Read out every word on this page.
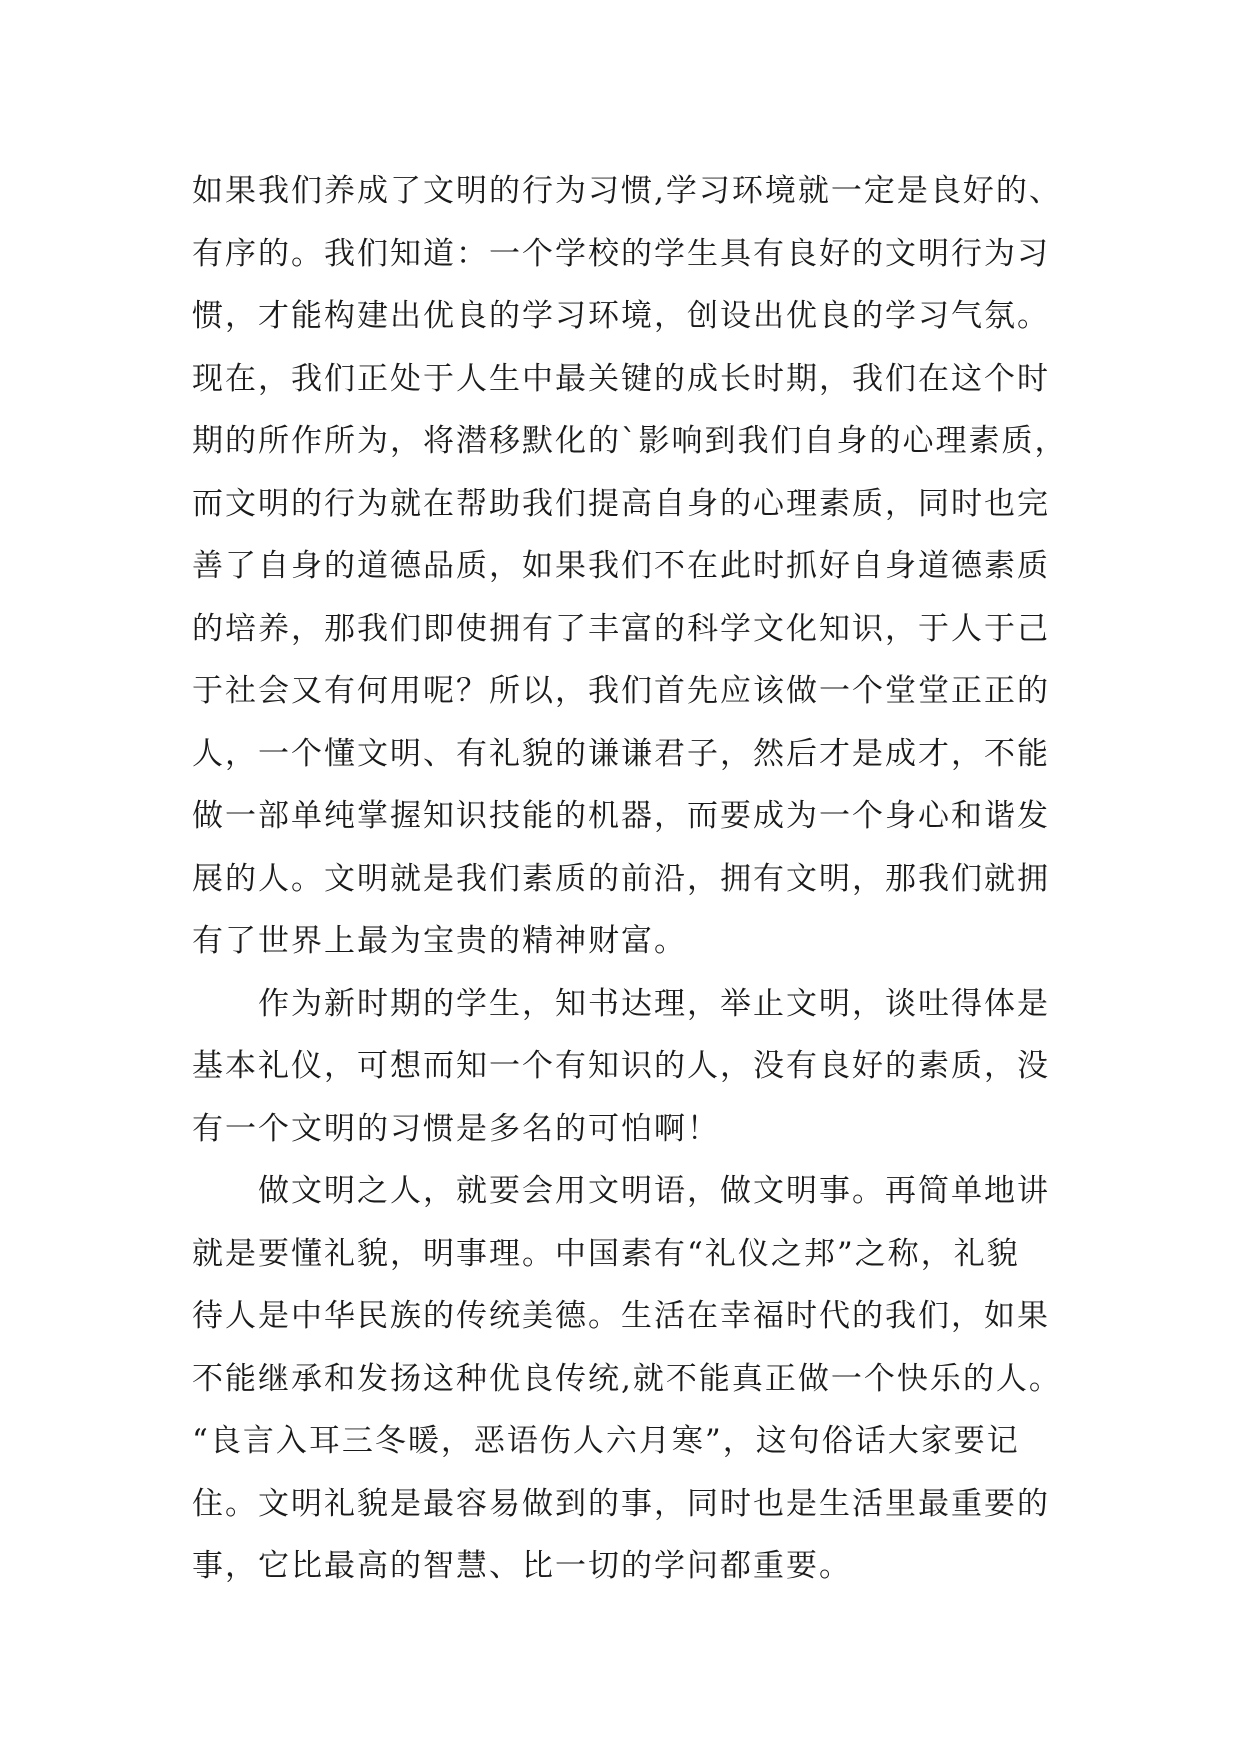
如果我们养成了文明的行为习惯,学习环境就一定是良好的、
有序的。我们知道：一个学校的学生具有良好的文明行为习
惯，才能构建出优良的学习环境，创设出优良的学习气氛。
现在，我们正处于人生中最关键的成长时期，我们在这个时
期的所作所为，将潜移默化的`影响到我们自身的心理素质，
而文明的行为就在帮助我们提高自身的心理素质，同时也完
善了自身的道德品质，如果我们不在此时抓好自身道德素质
的培养，那我们即使拥有了丰富的科学文化知识，于人于己
于社会又有何用呢？所以，我们首先应该做一个堂堂正正的
人，一个懂文明、有礼貌的谦谦君子，然后才是成才，不能
做一部单纯掌握知识技能的机器，而要成为一个身心和谐发
展的人。文明就是我们素质的前沿，拥有文明，那我们就拥
有了世界上最为宝贵的精神财富。
作为新时期的学生，知书达理，举止文明，谈吐得体是
基本礼仪，可想而知一个有知识的人，没有良好的素质，没
有一个文明的习惯是多名的可怕啊！
做文明之人，就要会用文明语，做文明事。再简单地讲
就是要懂礼貌，明事理。中国素有“礼仪之邦”之称，礼貌
待人是中华民族的传统美德。生活在幸福时代的我们，如果
不能继承和发扬这种优良传统,就不能真正做一个快乐的人。
“良言入耳三冬暖，恶语伤人六月寒”，这句俗话大家要记
住。文明礼貌是最容易做到的事，同时也是生活里最重要的
事，它比最高的智慧、比一切的学问都重要。
